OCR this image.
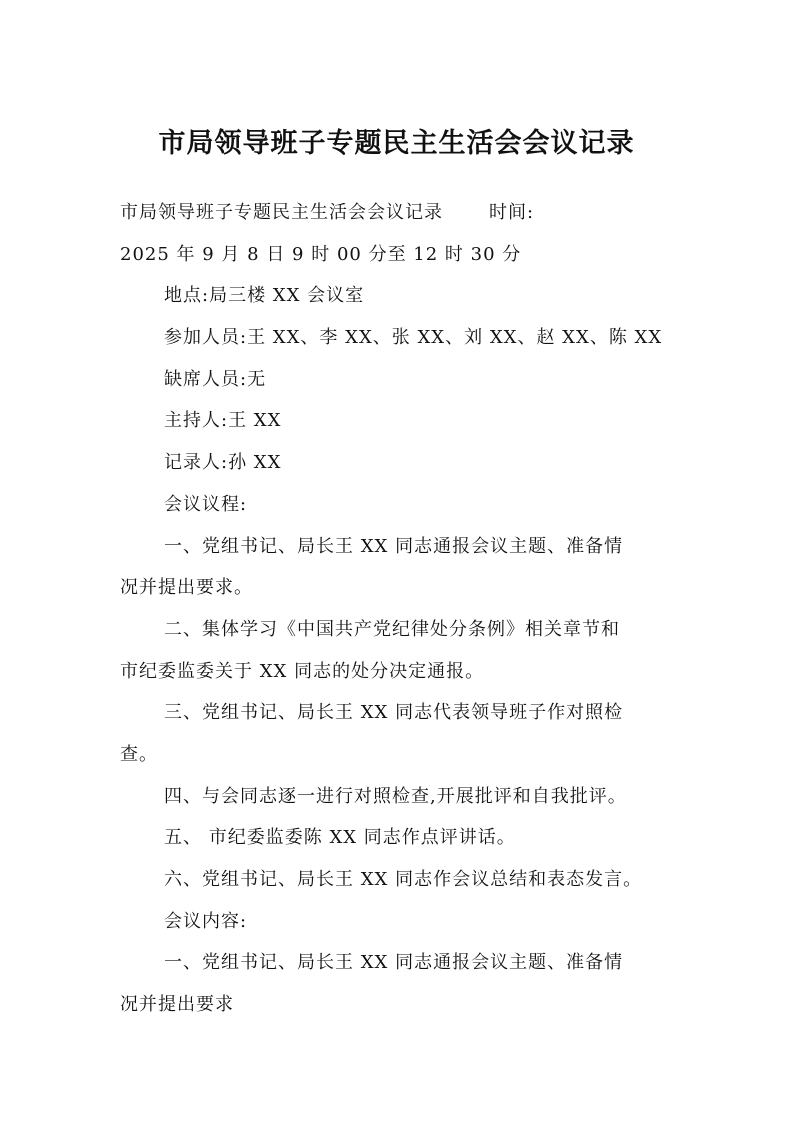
市局领导班子专题民主生活会会议记录
市局领导班子专题民主生活会会议记录	时间:
2025 年 9 月 8 日 9 时 00 分至 12 时 30 分
地点:局三楼 XX 会议室
参加人员:王 XX、李 XX、张 XX、刘 XX、赵 XX、陈 XX
缺席人员:无
主持人:王 XX
记录人:孙 XX
会议议程:
一、党组书记、局长王 XX 同志通报会议主题、准备情
况并提出要求。
二、集体学习《中国共产党纪律处分条例》相关章节和
市纪委监委关于 XX 同志的处分决定通报。
三、党组书记、局长王 XX 同志代表领导班子作对照检
查。
四、与会同志逐一进行对照检查,开展批评和自我批评。
五、 市纪委监委陈 XX 同志作点评讲话。
六、党组书记、局长王 XX 同志作会议总结和表态发言。
会议内容:
一、党组书记、局长王 XX 同志通报会议主题、准备情
况并提出要求
